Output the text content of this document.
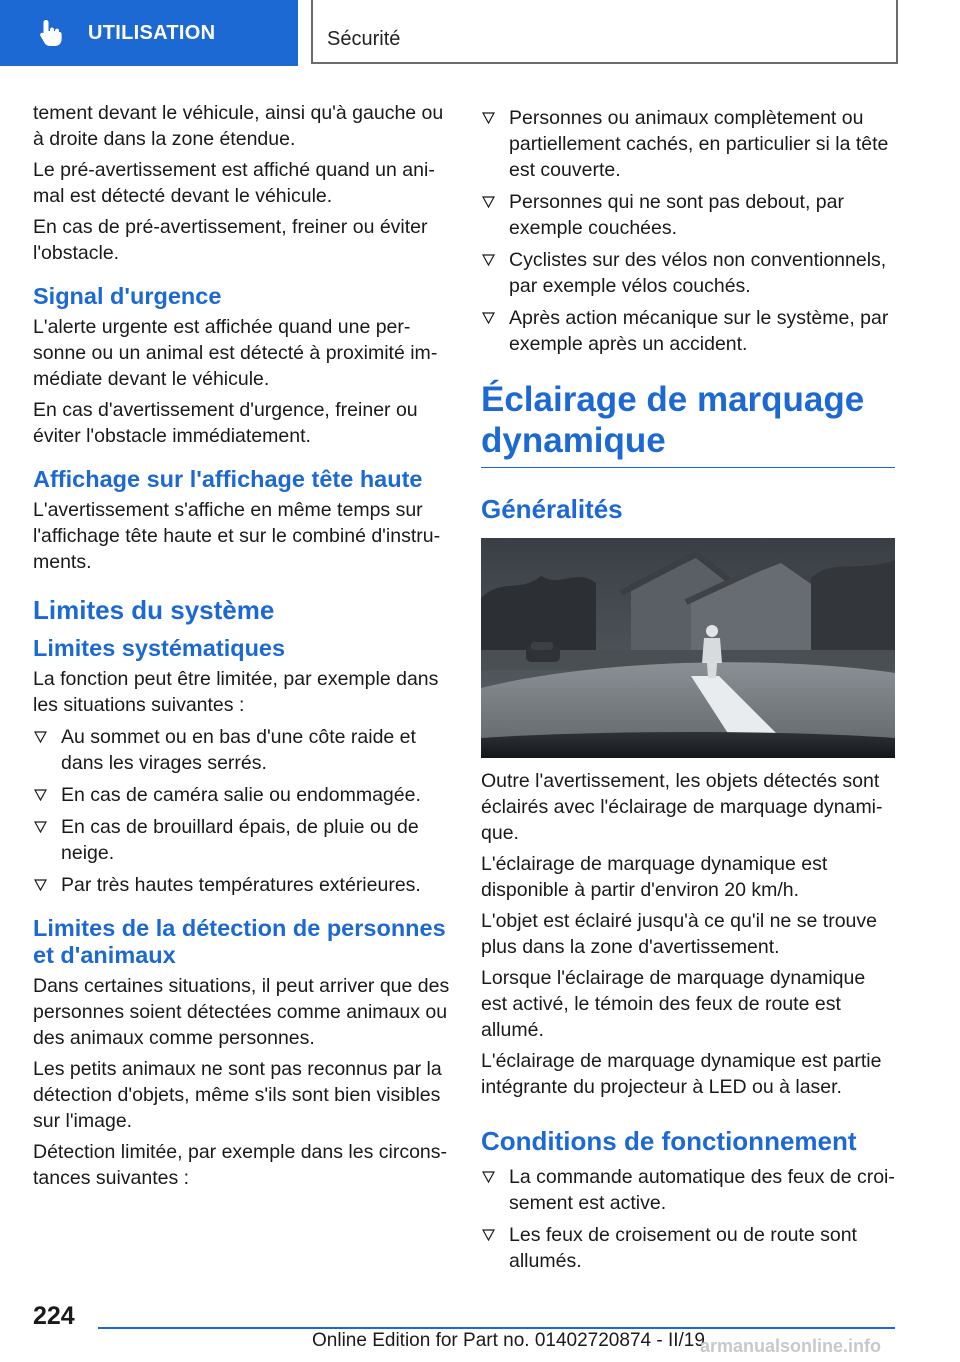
UTILISATION	Sécurité

tement devant le véhicule, ainsi qu'à gauche ou à droite dans la zone étendue.

Le pré-avertissement est affiché quand un animal est détecté devant le véhicule.

En cas de pré-avertissement, freiner ou éviter l'obstacle.

Signal d'urgence

L'alerte urgente est affichée quand une personne ou un animal est détecté à proximité immédiate devant le véhicule.

En cas d'avertissement d'urgence, freiner ou éviter l'obstacle immédiatement.

Affichage sur l'affichage tête haute

L'avertissement s'affiche en même temps sur l'affichage tête haute et sur le combiné d'instruments.

Limites du système
Limites systématiques

La fonction peut être limitée, par exemple dans les situations suivantes :

Au sommet ou en bas d'une côte raide et dans les virages serrés.
En cas de caméra salie ou endommagée.
En cas de brouillard épais, de pluie ou de neige.
Par très hautes températures extérieures.
Limites de la détection de personnes et d'animaux

Dans certaines situations, il peut arriver que des personnes soient détectées comme animaux ou des animaux comme personnes.

Les petits animaux ne sont pas reconnus par la détection d'objets, même s'ils sont bien visibles sur l'image.

Détection limitée, par exemple dans les circonstances suivantes :

Personnes ou animaux complètement ou partiellement cachés, en particulier si la tête est couverte.
Personnes qui ne sont pas debout, par exemple couchées.
Cyclistes sur des vélos non conventionnels, par exemple vélos couchés.
Après action mécanique sur le système, par exemple après un accident.
Éclairage de marquage dynamique
Généralités

Outre l'avertissement, les objets détectés sont éclairés avec l'éclairage de marquage dynamique.

L'éclairage de marquage dynamique est disponible à partir d'environ 20 km/h.

L'objet est éclairé jusqu'à ce qu'il ne se trouve plus dans la zone d'avertissement.

Lorsque l'éclairage de marquage dynamique est activé, le témoin des feux de route est allumé.

L'éclairage de marquage dynamique est partie intégrante du projecteur à LED ou à laser.

Conditions de fonctionnement
La commande automatique des feux de croisement est active.
Les feux de croisement ou de route sont allumés.
224
Online Edition for Part no. 01402720874 - II/19
armanualsonline.info
